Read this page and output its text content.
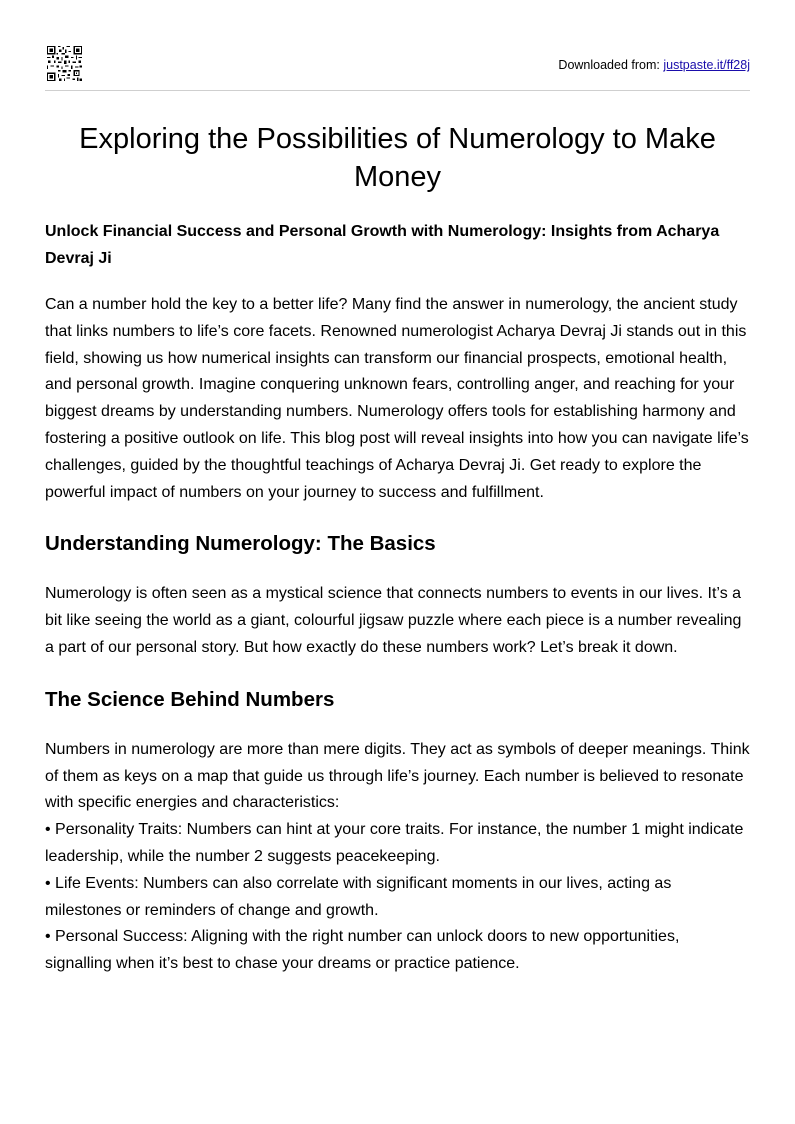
Downloaded from: justpaste.it/ff28j
Exploring the Possibilities of Numerology to Make Money
Unlock Financial Success and Personal Growth with Numerology: Insights from Acharya Devraj Ji

Can a number hold the key to a better life? Many find the answer in numerology, the ancient study that links numbers to life’s core facets. Renowned numerologist Acharya Devraj Ji stands out in this field, showing us how numerical insights can transform our financial prospects, emotional health, and personal growth. Imagine conquering unknown fears, controlling anger, and reaching for your biggest dreams by understanding numbers. Numerology offers tools for establishing harmony and fostering a positive outlook on life. This blog post will reveal insights into how you can navigate life’s challenges, guided by the thoughtful teachings of Acharya Devraj Ji. Get ready to explore the powerful impact of numbers on your journey to success and fulfillment.

Understanding Numerology: The Basics

Numerology is often seen as a mystical science that connects numbers to events in our lives. It’s a bit like seeing the world as a giant, colourful jigsaw puzzle where each piece is a number revealing a part of our personal story. But how exactly do these numbers work? Let’s break it down.

The Science Behind Numbers

Numbers in numerology are more than mere digits. They act as symbols of deeper meanings. Think of them as keys on a map that guide us through life’s journey. Each number is believed to resonate with specific energies and characteristics:

• Personality Traits: Numbers can hint at your core traits. For instance, the number 1 might indicate leadership, while the number 2 suggests peacekeeping.

• Life Events: Numbers can also correlate with significant moments in our lives, acting as milestones or reminders of change and growth.

• Personal Success: Aligning with the right number can unlock doors to new opportunities, signalling when it’s best to chase your dreams or practice patience.
